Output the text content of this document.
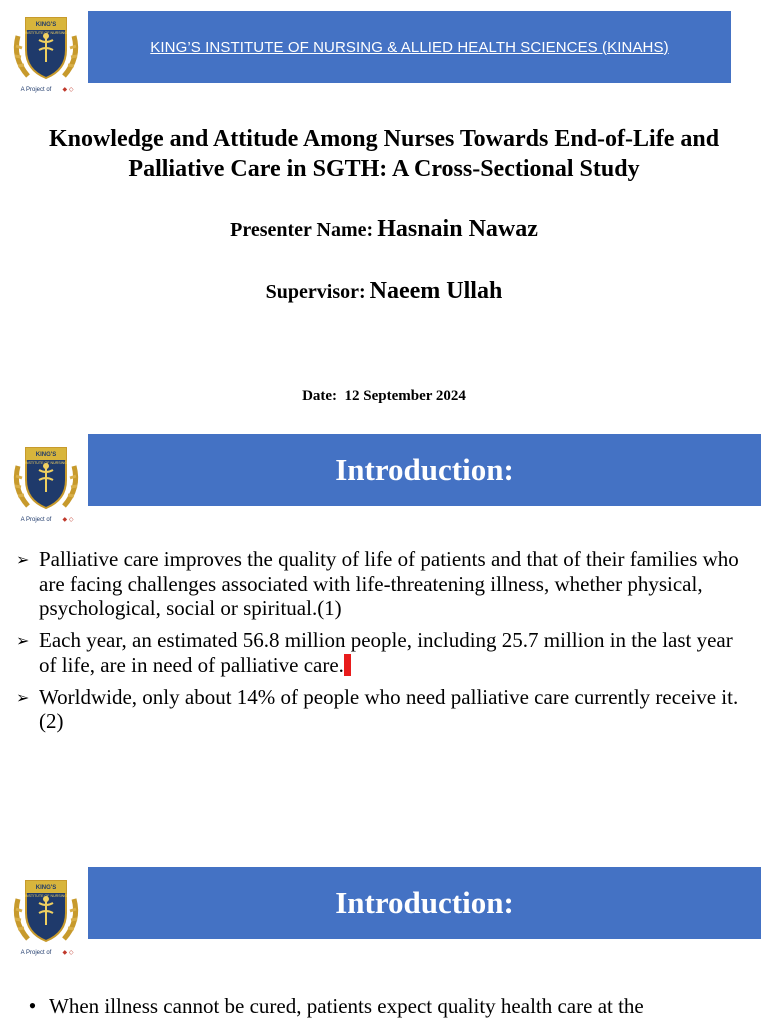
KING'S
INSTITUTE OF NURSING
A Project of ◆ ◇
KING’S INSTITUTE OF NURSING & ALLIED HEALTH SCIENCES (KINAHS)
Knowledge and Attitude Among Nurses Towards End-of-Life and
Palliative Care in SGTH: A Cross-Sectional Study
Presenter Name: Hasnain Nawaz
Supervisor: Naeem Ullah
Date: 12 September 2024
KING'S
INSTITUTE OF NURSING
A Project of ◆ ◇
Introduction:
➢ Palliative care improves the quality of life of patients and that of their families who are facing challenges associated with life-threatening illness, whether physical, psychological, social or spiritual.(1)
➢ Each year, an estimated 56.8 million people, including 25.7 million in the last year of life, are in need of palliative care.
➢ Worldwide, only about 14% of people who need palliative care currently receive it.(2)
KING'S
INSTITUTE OF NURSING
A Project of ◆ ◇
Introduction:
• When illness cannot be cured, patients expect quality health care at the
